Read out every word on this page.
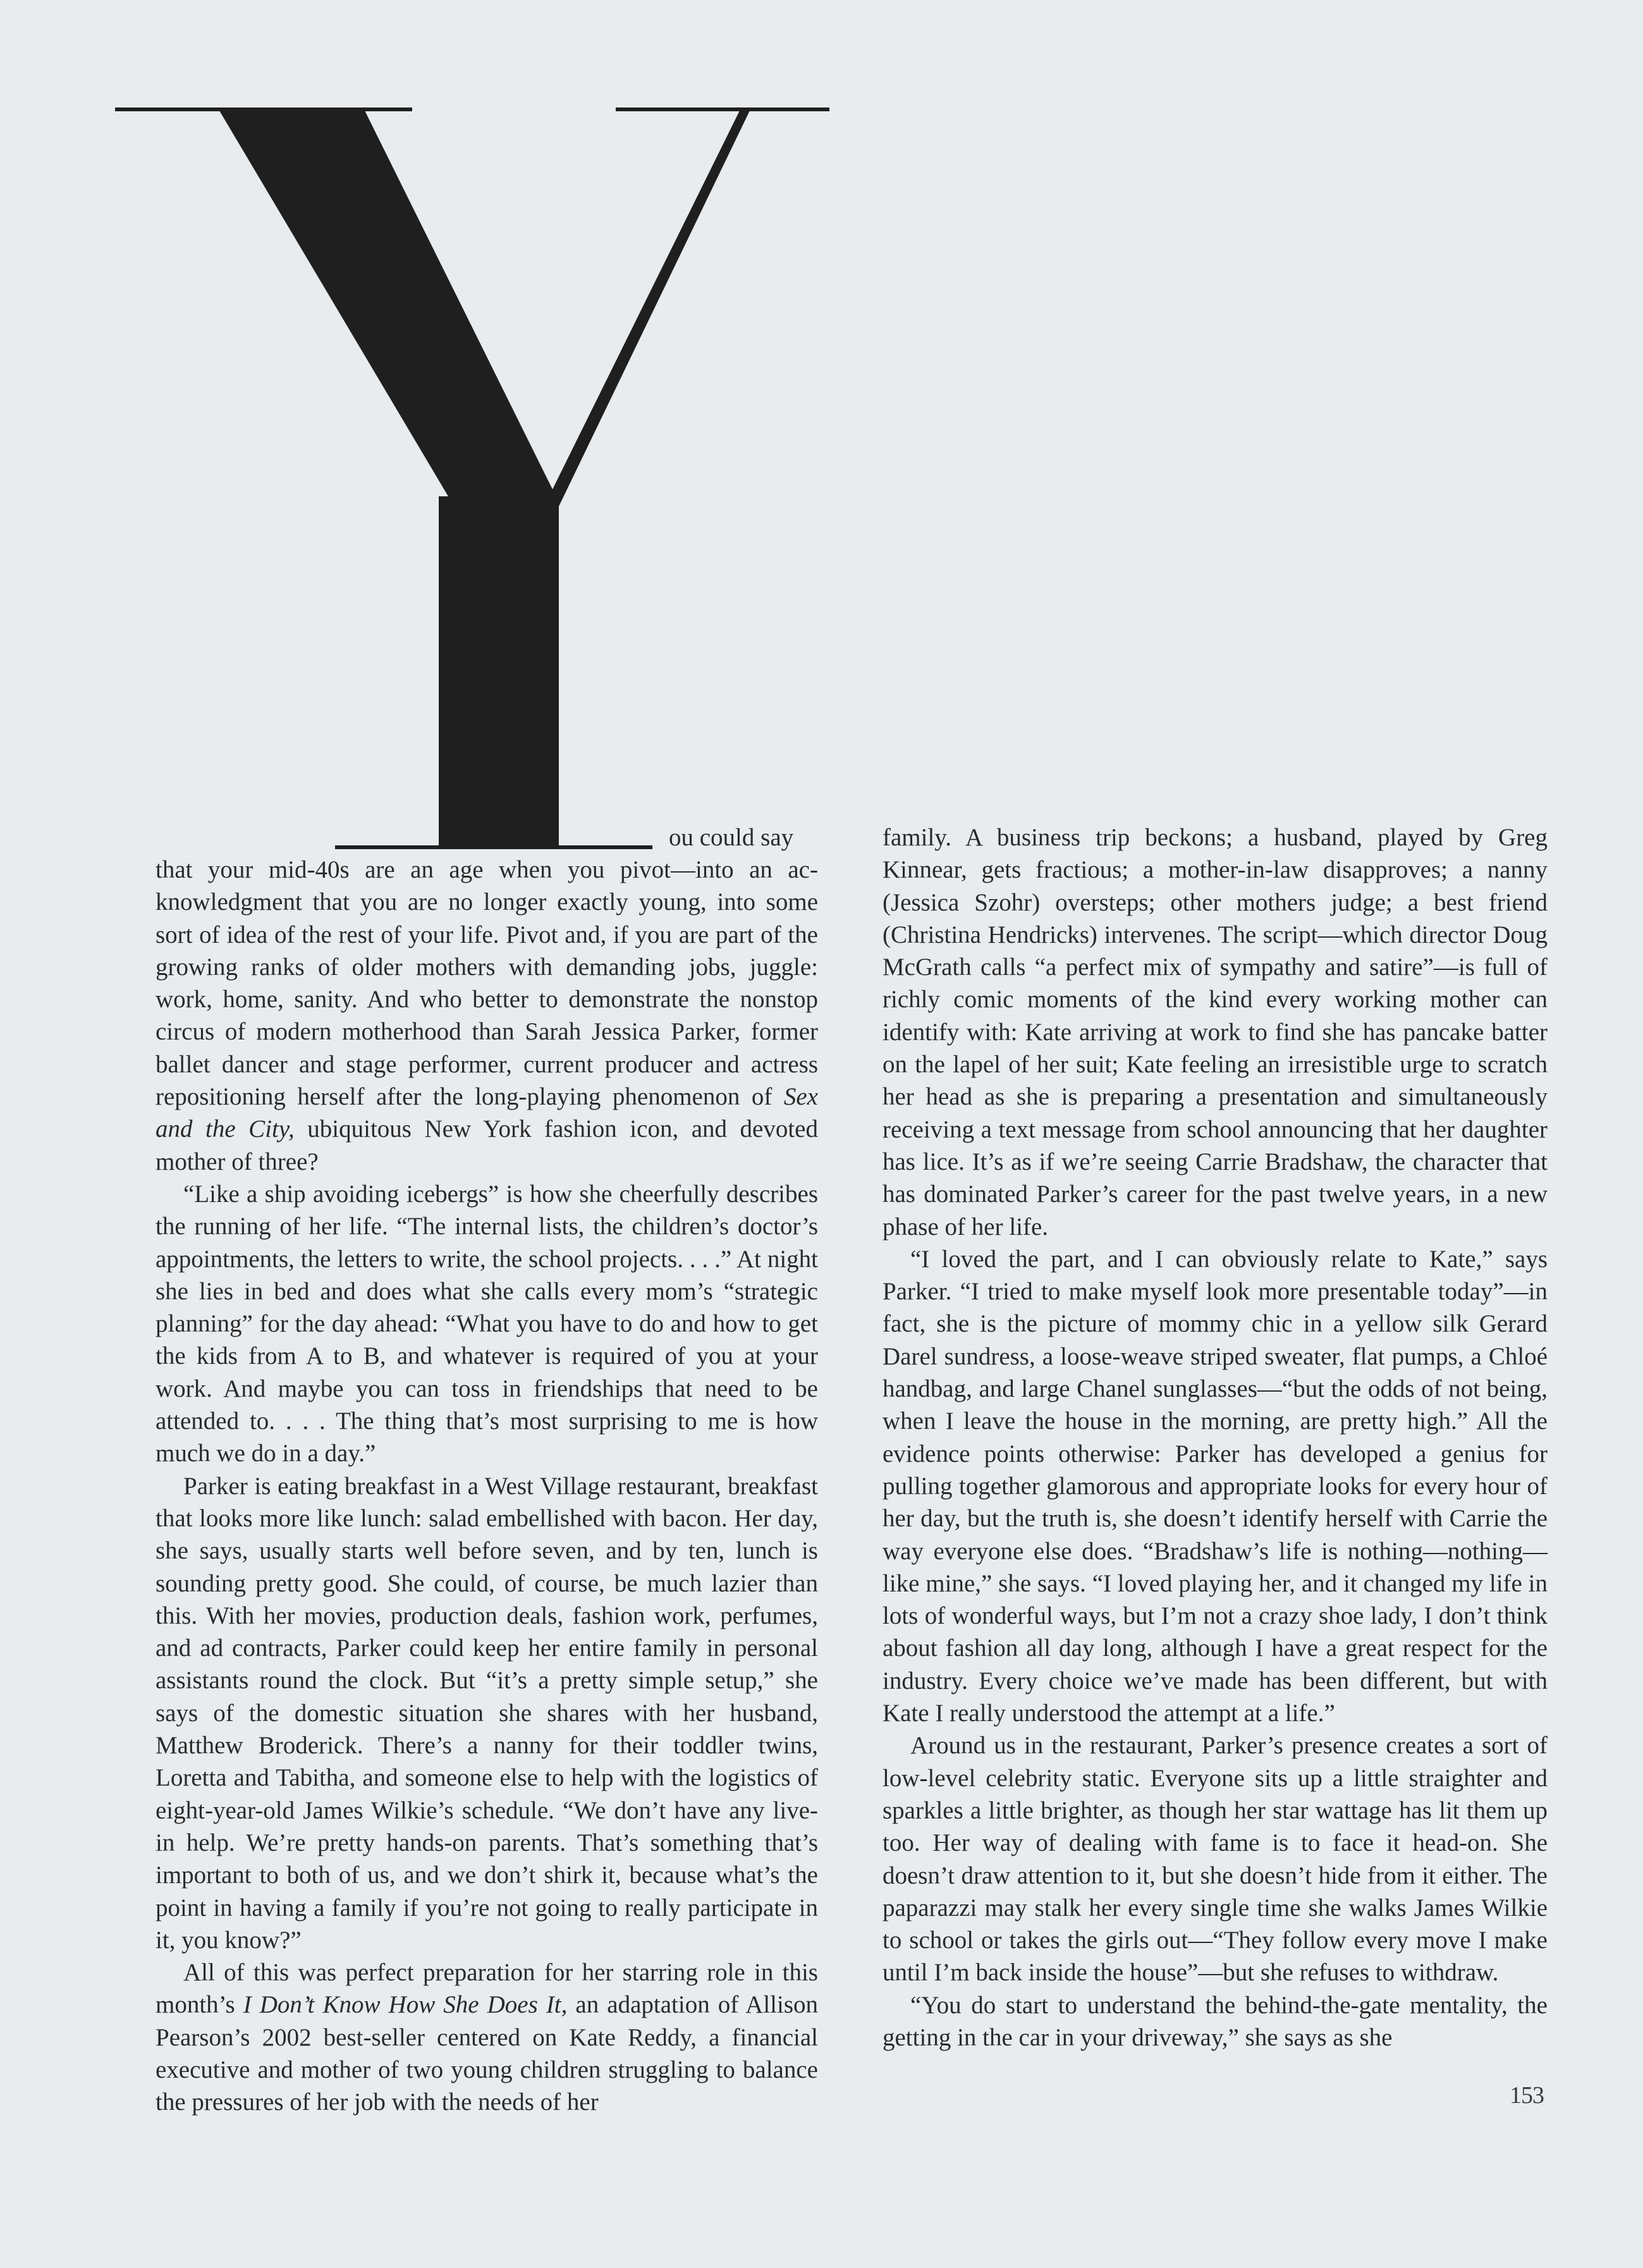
ou could say

that your mid-40s are an age when you pivot—into an acknowledgment that you are no longer exactly young, into some sort of idea of the rest of your life. Pivot and, if you are part of the growing ranks of older mothers with demanding jobs, juggle: work, home, sanity. And who better to demonstrate the nonstop circus of modern motherhood than Sarah Jessica Parker, former ballet dancer and stage performer, current producer and actress repositioning herself after the long-playing phenomenon of Sex and the City, ubiquitous New York fashion icon, and devoted mother of three?

“Like a ship avoiding icebergs” is how she cheerfully describes the running of her life. “The internal lists, the children’s doctor’s appointments, the letters to write, the school projects. . . .” At night she lies in bed and does what she calls every mom’s “strategic planning” for the day ahead: “What you have to do and how to get the kids from A to B, and whatever is required of you at your work. And maybe you can toss in friendships that need to be attended to. . . . The thing that’s most surprising to me is how much we do in a day.”

Parker is eating breakfast in a West Village restaurant, breakfast that looks more like lunch: salad embellished with bacon. Her day, she says, usually starts well before seven, and by ten, lunch is sounding pretty good. She could, of course, be much lazier than this. With her movies, production deals, fashion work, perfumes, and ad contracts, Parker could keep her entire family in personal assistants round the clock. But “it’s a pretty simple setup,” she says of the domestic situation she shares with her husband, Matthew Broderick. There’s a nanny for their toddler twins, Loretta and Tabitha, and someone else to help with the logistics of eight-year-old James Wilkie’s schedule. “We don’t have any live-in help. We’re pretty hands-on parents. That’s something that’s important to both of us, and we don’t shirk it, because what’s the point in having a family if you’re not going to really participate in it, you know?”

All of this was perfect preparation for her starring role in this month’s I Don’t Know How She Does It, an adaptation of Allison Pearson’s 2002 best-seller centered on Kate Reddy, a financial executive and mother of two young children struggling to balance the pressures of her job with the needs of her

family. A business trip beckons; a husband, played by Greg Kinnear, gets fractious; a mother-in-law disapproves; a nanny (Jessica Szohr) oversteps; other mothers judge; a best friend (Christina Hendricks) intervenes. The script—which director Doug McGrath calls “a perfect mix of sympathy and satire”—is full of richly comic moments of the kind every working mother can identify with: Kate arriving at work to find she has pancake batter on the lapel of her suit; Kate feeling an irresistible urge to scratch her head as she is preparing a presentation and simultaneously receiving a text message from school announcing that her daughter has lice. It’s as if we’re seeing Carrie Bradshaw, the character that has dominated Parker’s career for the past twelve years, in a new phase of her life.

“I loved the part, and I can obviously relate to Kate,” says Parker. “I tried to make myself look more presentable today”—in fact, she is the picture of mommy chic in a yellow silk Gerard Darel sundress, a loose-weave striped sweater, flat pumps, a Chloé handbag, and large Chanel sunglasses—“but the odds of not being, when I leave the house in the morning, are pretty high.” All the evidence points otherwise: Parker has developed a genius for pulling together glamorous and appropriate looks for every hour of her day, but the truth is, she doesn’t identify herself with Carrie the way everyone else does. “Bradshaw’s life is nothing—nothing—like mine,” she says. “I loved playing her, and it changed my life in lots of wonderful ways, but I’m not a crazy shoe lady, I don’t think about fashion all day long, although I have a great respect for the industry. Every choice we’ve made has been different, but with Kate I really understood the attempt at a life.”

Around us in the restaurant, Parker’s presence creates a sort of low-level celebrity static. Everyone sits up a little straighter and sparkles a little brighter, as though her star wattage has lit them up too. Her way of dealing with fame is to face it head-on. She doesn’t draw attention to it, but she doesn’t hide from it either. The paparazzi may stalk her every single time she walks James Wilkie to school or takes the girls out—“They follow every move I make until I’m back inside the house”—but she refuses to withdraw.

“You do start to understand the behind-the-gate mentality, the getting in the car in your driveway,” she says as she

153
